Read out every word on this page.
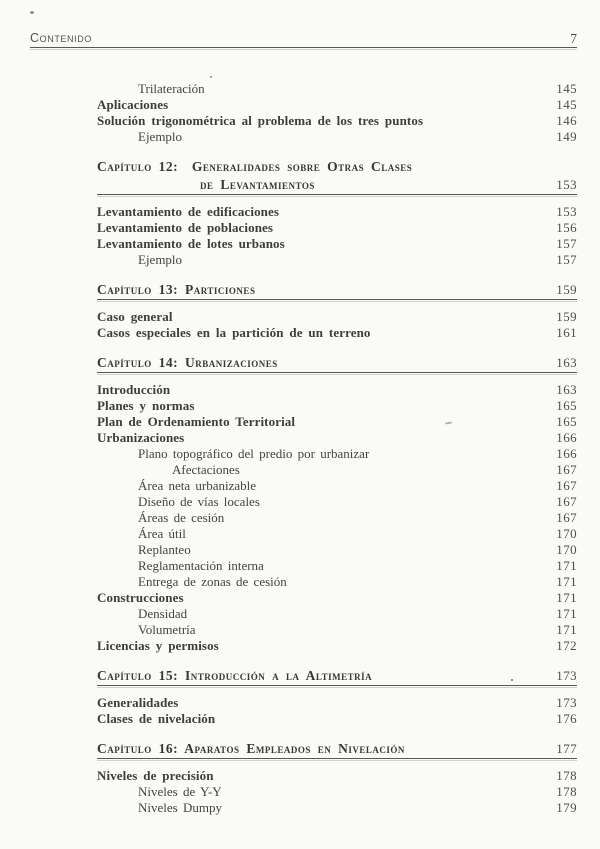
Contenido	7
Trilateración	145
Aplicaciones	145
Solución trigonométrica al problema de los tres puntos	146
Ejemplo	149
Capítulo 12:  Generalidades sobre Otras Clases
de Levantamientos	153
Levantamiento de edificaciones	153
Levantamiento de poblaciones	156
Levantamiento de lotes urbanos	157
Ejemplo	157
Capítulo 13: Particiones	159
Caso general	159
Casos especiales en la partición de un terreno	161
Capítulo 14: Urbanizaciones	163
Introducción	163
Planes y normas	165
Plan de Ordenamiento Territorial	165
Urbanizaciones	166
Plano topográfico del predio por urbanizar	166
Afectaciones	167
Área neta urbanizable	167
Diseño de vías locales	167
Áreas de cesión	167
Área útil	170
Replanteo	170
Reglamentación interna	171
Entrega de zonas de cesión	171
Construcciones	171
Densidad	171
Volumetría	171
Licencias y permisos	172
Capítulo 15: Introducción a la Altimetría	173
Generalidades	173
Clases de nivelación	176
Capítulo 16: Aparatos Empleados en Nivelación	177
Niveles de precisión	178
Niveles de Y-Y	178
Niveles Dumpy	179
